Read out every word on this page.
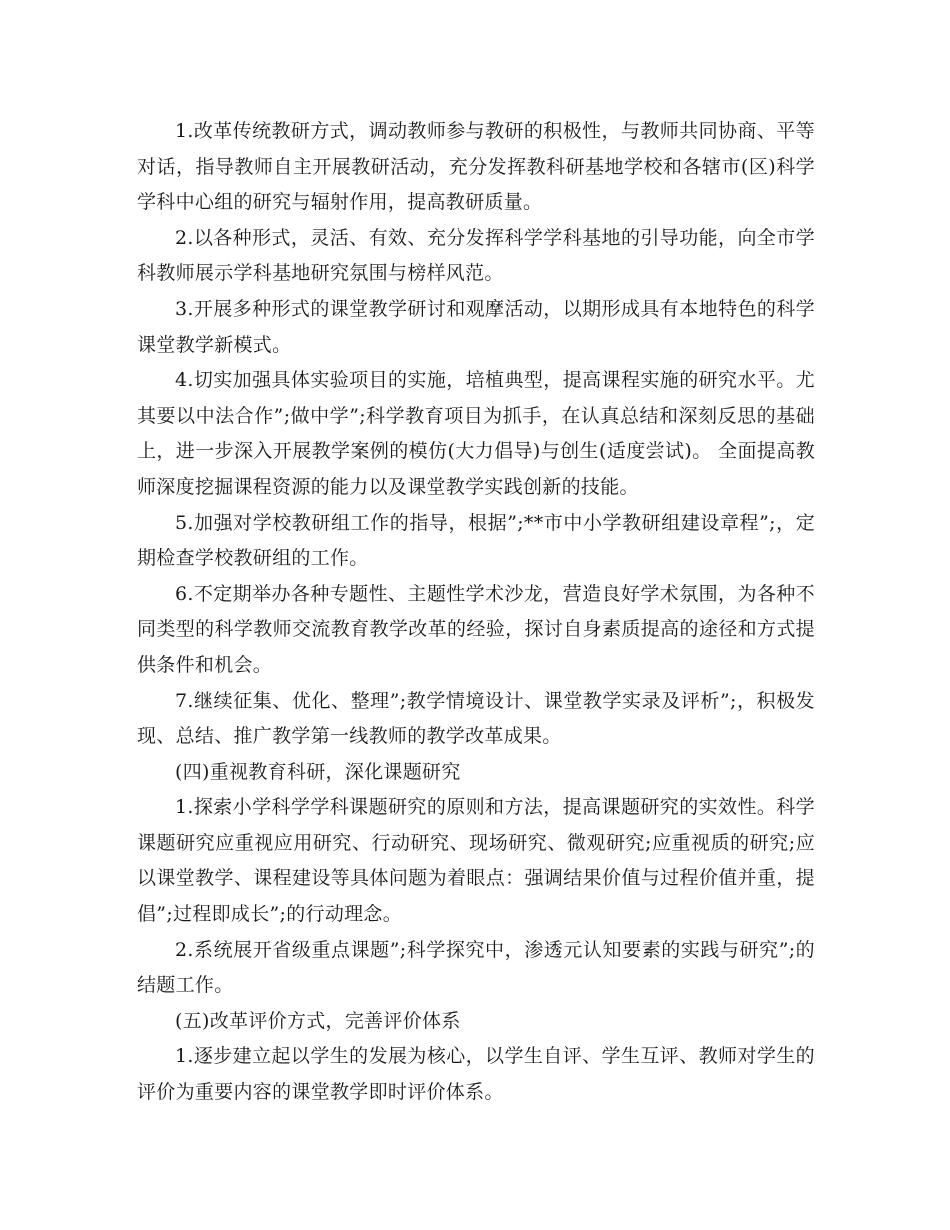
1.改革传统教研方式，调动教师参与教研的积极性，与教师共同协商、平等对话，指导教师自主开展教研活动，充分发挥教科研基地学校和各辖市(区)科学学科中心组的研究与辐射作用，提高教研质量。

2.以各种形式，灵活、有效、充分发挥科学学科基地的引导功能，向全市学科教师展示学科基地研究氛围与榜样风范。

3.开展多种形式的课堂教学研讨和观摩活动，以期形成具有本地特色的科学课堂教学新模式。

4.切实加强具体实验项目的实施，培植典型，提高课程实施的研究水平。尤其要以中法合作”;做中学”;科学教育项目为抓手，在认真总结和深刻反思的基础上，进一步深入开展教学案例的模仿(大力倡导)与创生(适度尝试)。 全面提高教师深度挖掘课程资源的能力以及课堂教学实践创新的技能。

5.加强对学校教研组工作的指导，根据”;**市中小学教研组建设章程”;，定期检查学校教研组的工作。

6.不定期举办各种专题性、主题性学术沙龙，营造良好学术氛围，为各种不同类型的科学教师交流教育教学改革的经验，探讨自身素质提高的途径和方式提供条件和机会。

7.继续征集、优化、整理”;教学情境设计、课堂教学实录及评析”;，积极发现、总结、推广教学第一线教师的教学改革成果。

(四)重视教育科研，深化课题研究

1.探索小学科学学科课题研究的原则和方法，提高课题研究的实效性。科学课题研究应重视应用研究、行动研究、现场研究、微观研究;应重视质的研究;应以课堂教学、课程建设等具体问题为着眼点：强调结果价值与过程价值并重，提倡”;过程即成长”;的行动理念。

2.系统展开省级重点课题”;科学探究中，渗透元认知要素的实践与研究”;的结题工作。

(五)改革评价方式，完善评价体系

1.逐步建立起以学生的发展为核心，以学生自评、学生互评、教师对学生的评价为重要内容的课堂教学即时评价体系。
